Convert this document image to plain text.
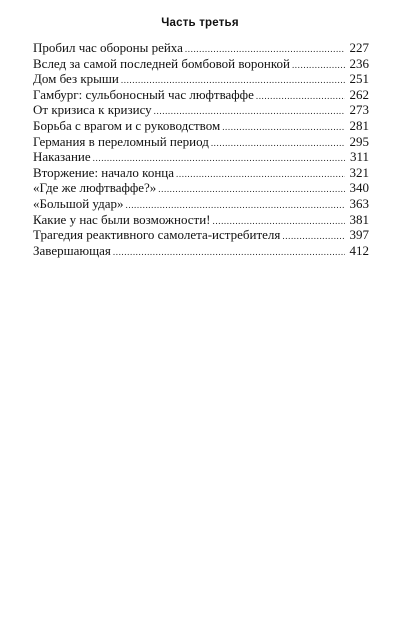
Часть третья
Пробил час обороны рейха .....	227
Вслед за самой последней бомбовой воронкой .....	236
Дом без крыши .....	251
Гамбург: сульбоносный час люфтваффе .....	262
От кризиса к кризису .....	273
Борьба с врагом и с руководством .....	281
Германия в переломный период .....	295
Наказание .....	311
Вторжение: начало конца .....	321
«Где же люфтваффе?» .....	340
«Большой удар» .....	363
Какие у нас были возможности! .....	381
Трагедия реактивного самолета-истребителя .....	397
Завершающая .....	412
